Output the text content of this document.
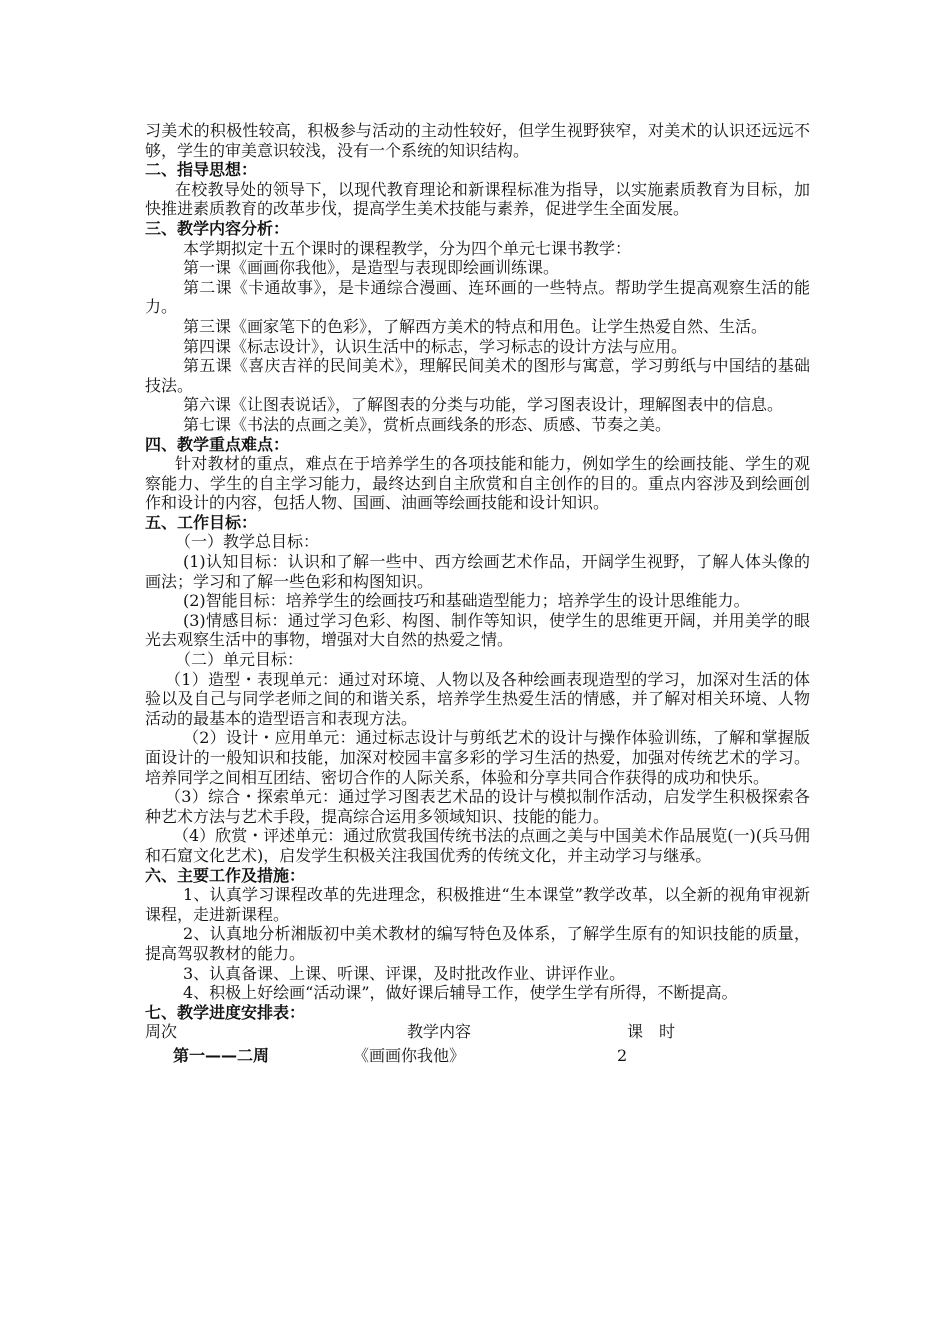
习美术的积极性较高，积极参与活动的主动性较好，但学生视野狭窄，对美术的认识还远远不够，学生的审美意识较浅，没有一个系统的知识结构。

二、指导思想：

在校教导处的领导下，以现代教育理论和新课程标准为指导，以实施素质教育为目标，加快推进素质教育的改革步伐，提高学生美术技能与素养，促进学生全面发展。

三、教学内容分析：

本学期拟定十五个课时的课程教学，分为四个单元七课书教学：

第一课《画画你我他》，是造型与表现即绘画训练课。

第二课《卡通故事》，是卡通综合漫画、连环画的一些特点。帮助学生提高观察生活的能力。

第三课《画家笔下的色彩》，了解西方美术的特点和用色。让学生热爱自然、生活。

第四课《标志设计》，认识生活中的标志，学习标志的设计方法与应用。

第五课《喜庆吉祥的民间美术》，理解民间美术的图形与寓意，学习剪纸与中国结的基础技法。

第六课《让图表说话》，了解图表的分类与功能，学习图表设计，理解图表中的信息。

第七课《书法的点画之美》，赏析点画线条的形态、质感、节奏之美。

四、教学重点难点：

针对教材的重点，难点在于培养学生的各项技能和能力，例如学生的绘画技能、学生的观察能力、学生的自主学习能力，最终达到自主欣赏和自主创作的目的。重点内容涉及到绘画创作和设计的内容，包括人物、国画、油画等绘画技能和设计知识。

五、工作目标：

（一）教学总目标：

(1)认知目标：认识和了解一些中、西方绘画艺术作品，开阔学生视野，了解人体头像的画法；学习和了解一些色彩和构图知识。

(2)智能目标：培养学生的绘画技巧和基础造型能力；培养学生的设计思维能力。

(3)情感目标：通过学习色彩、构图、制作等知识，使学生的思维更开阔，并用美学的眼光去观察生活中的事物，增强对大自然的热爱之情。

（二）单元目标：

（1）造型・表现单元：通过对环境、人物以及各种绘画表现造型的学习，加深对生活的体验以及自己与同学老师之间的和谐关系，培养学生热爱生活的情感，并了解对相关环境、人物活动的最基本的造型语言和表现方法。

（2）设计・应用单元：通过标志设计与剪纸艺术的设计与操作体验训练，了解和掌握版面设计的一般知识和技能，加深对校园丰富多彩的学习生活的热爱，加强对传统艺术的学习。培养同学之间相互团结、密切合作的人际关系，体验和分享共同合作获得的成功和快乐。

（3）综合・探索单元：通过学习图表艺术品的设计与模拟制作活动，启发学生积极探索各种艺术方法与艺术手段，提高综合运用多领域知识、技能的能力。

（4）欣赏・评述单元：通过欣赏我国传统书法的点画之美与中国美术作品展览(一)(兵马佣和石窟文化艺术)，启发学生积极关注我国优秀的传统文化，并主动学习与继承。

六、主要工作及措施：

1、认真学习课程改革的先进理念，积极推进“生本课堂”教学改革，以全新的视角审视新课程，走进新课程。

2、认真地分析湘版初中美术教材的编写特色及体系，了解学生原有的知识技能的质量，提高驾驭教材的能力。

3、认真备课、上课、听课、评课，及时批改作业、讲评作业。

4、积极上好绘画“活动课”，做好课后辅导工作，使学生学有所得，不断提高。

七、教学进度安排表：

周次	教学内容	课　时
第一——二周	《画画你我他》	2
